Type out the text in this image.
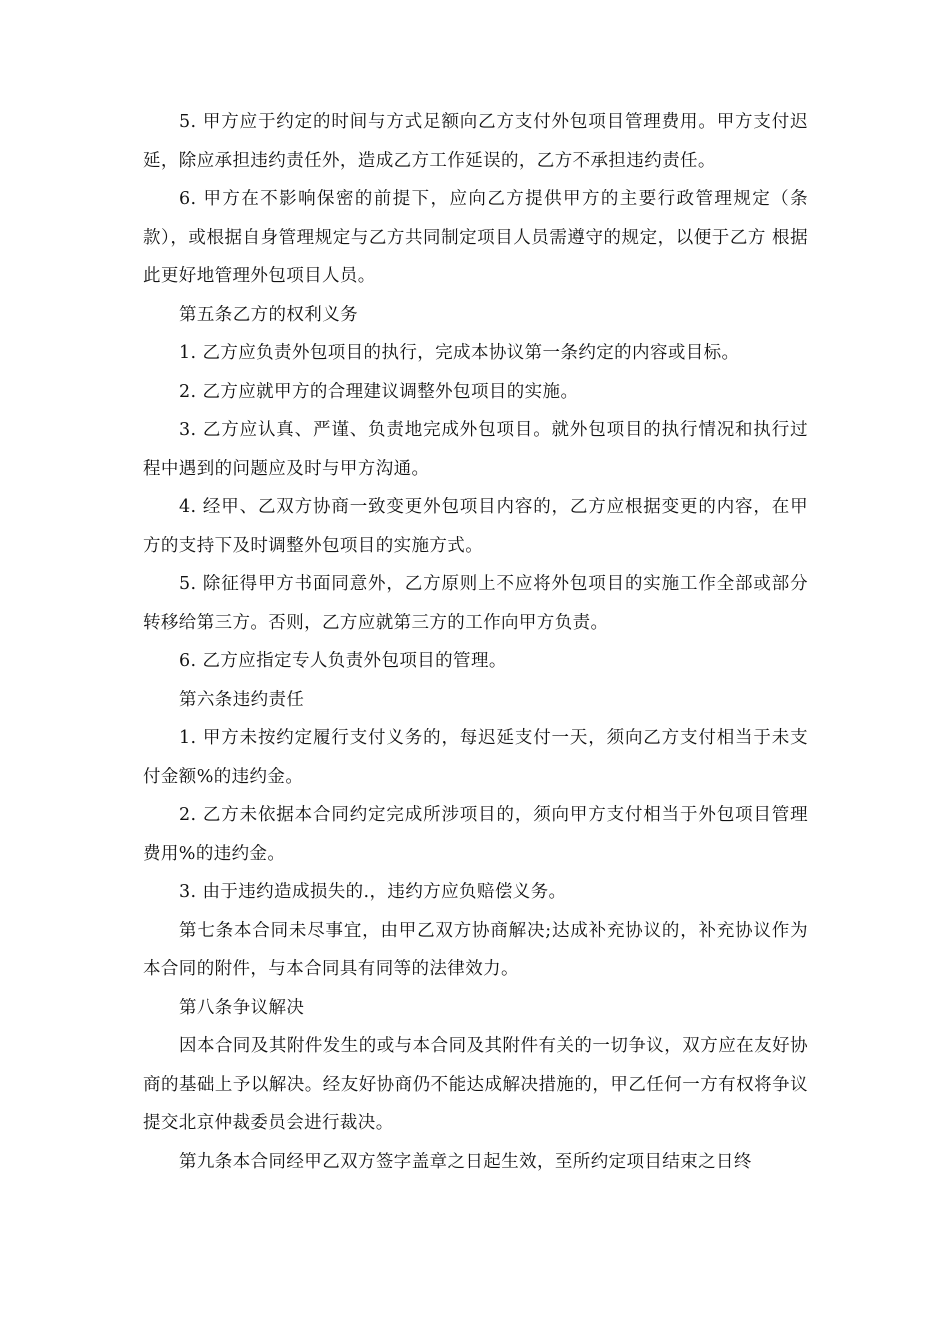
5. 甲方应于约定的时间与方式足额向乙方支付外包项目管理费用。甲方支付迟延，除应承担违约责任外，造成乙方工作延误的，乙方不承担违约责任。

6. 甲方在不影响保密的前提下，应向乙方提供甲方的主要行政管理规定（条 款），或根据自身管理规定与乙方共同制定项目人员需遵守的规定，以便于乙方 根据此更好地管理外包项目人员。

第五条乙方的权利义务

1. 乙方应负责外包项目的执行，完成本协议第一条约定的内容或目标。

2. 乙方应就甲方的合理建议调整外包项目的实施。

3. 乙方应认真、严谨、负责地完成外包项目。就外包项目的执行情况和执行过程中遇到的问题应及时与甲方沟通。

4. 经甲、乙双方协商一致变更外包项目内容的，乙方应根据变更的内容，在甲方的支持下及时调整外包项目的实施方式。

5. 除征得甲方书面同意外，乙方原则上不应将外包项目的实施工作全部或部分转移给第三方。否则，乙方应就第三方的工作向甲方负责。

6. 乙方应指定专人负责外包项目的管理。

第六条违约责任

1. 甲方未按约定履行支付义务的，每迟延支付一天，须向乙方支付相当于未支付金额%的违约金。

2. 乙方未依据本合同约定完成所涉项目的，须向甲方支付相当于外包项目管理费用%的违约金。

3. 由于违约造成损失的.，违约方应负赔偿义务。

第七条本合同未尽事宜，由甲乙双方协商解决;达成补充协议的，补充协议作为本合同的附件，与本合同具有同等的法律效力。

第八条争议解决

因本合同及其附件发生的或与本合同及其附件有关的一切争议，双方应在友好协商的基础上予以解决。经友好协商仍不能达成解决措施的，甲乙任何一方有权将争议提交北京仲裁委员会进行裁决。

第九条本合同经甲乙双方签字盖章之日起生效，至所约定项目结束之日终
